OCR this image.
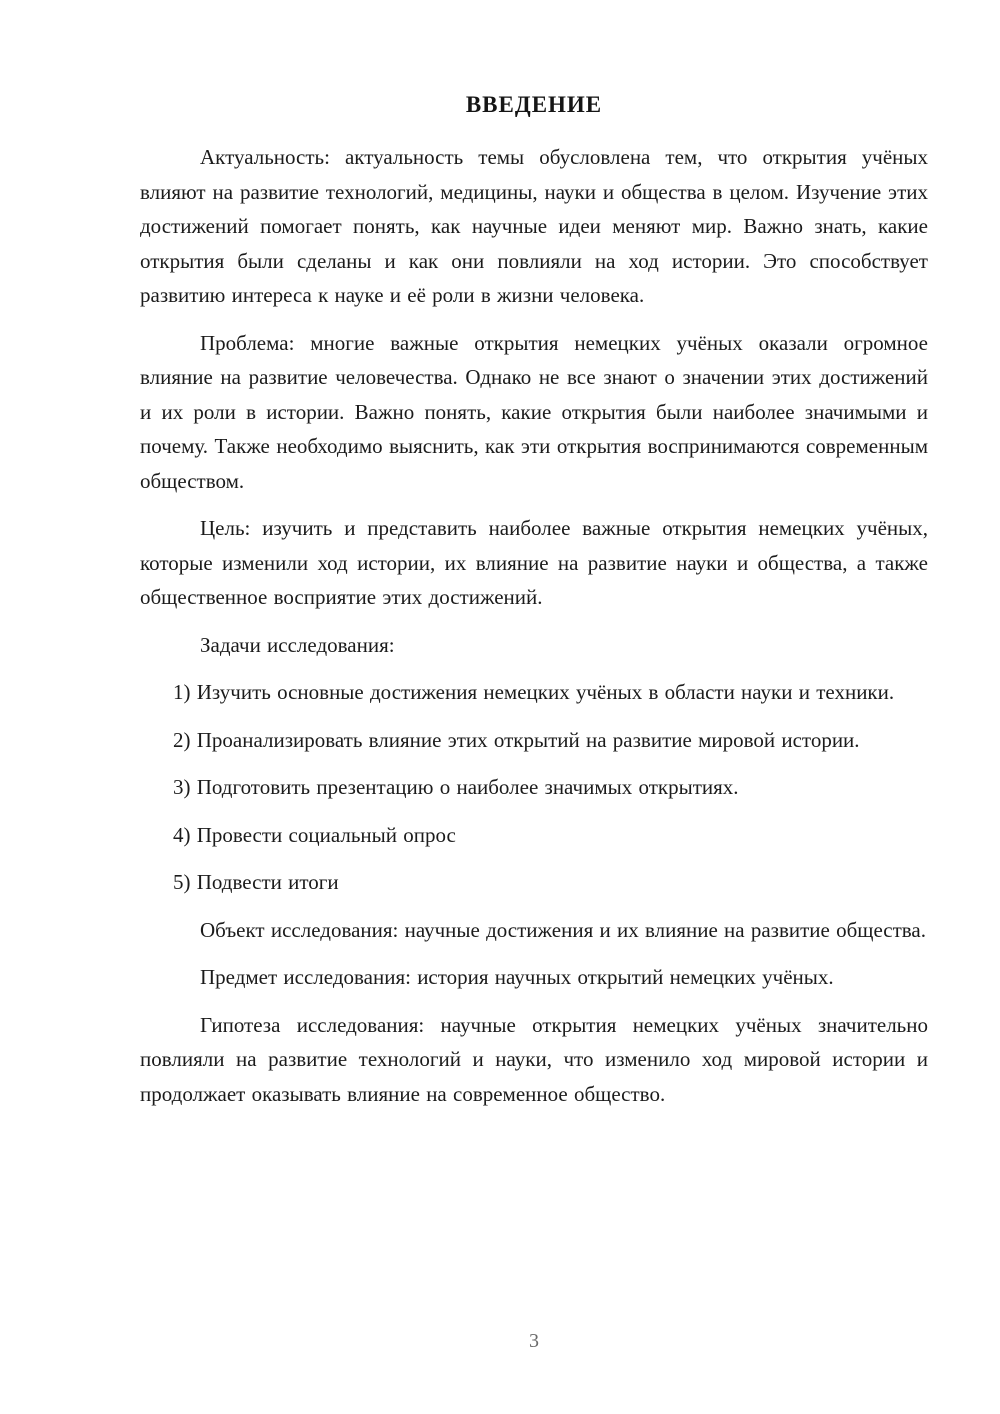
ВВЕДЕНИЕ

Актуальность: актуальность темы обусловлена тем, что открытия учёных влияют на развитие технологий, медицины, науки и общества в целом. Изучение этих достижений помогает понять, как научные идеи меняют мир. Важно знать, какие открытия были сделаны и как они повлияли на ход истории. Это способствует развитию интереса к науке и её роли в жизни человека.

Проблема: многие важные открытия немецких учёных оказали огромное влияние на развитие человечества. Однако не все знают о значении этих достижений и их роли в истории. Важно понять, какие открытия были наиболее значимыми и почему. Также необходимо выяснить, как эти открытия воспринимаются современным обществом.

Цель: изучить и представить наиболее важные открытия немецких учёных, которые изменили ход истории, их влияние на развитие науки и общества, а также общественное восприятие этих достижений.

Задачи исследования:

1) Изучить основные достижения немецких учёных в области науки и техники.

2) Проанализировать влияние этих открытий на развитие мировой истории.

3) Подготовить презентацию о наиболее значимых открытиях.

4) Провести социальный опрос

5) Подвести итоги

Объект исследования: научные достижения и их влияние на развитие общества.

Предмет исследования: история научных открытий немецких учёных.

Гипотеза исследования: научные открытия немецких учёных значительно повлияли на развитие технологий и науки, что изменило ход мировой истории и продолжает оказывать влияние на современное общество.

3
